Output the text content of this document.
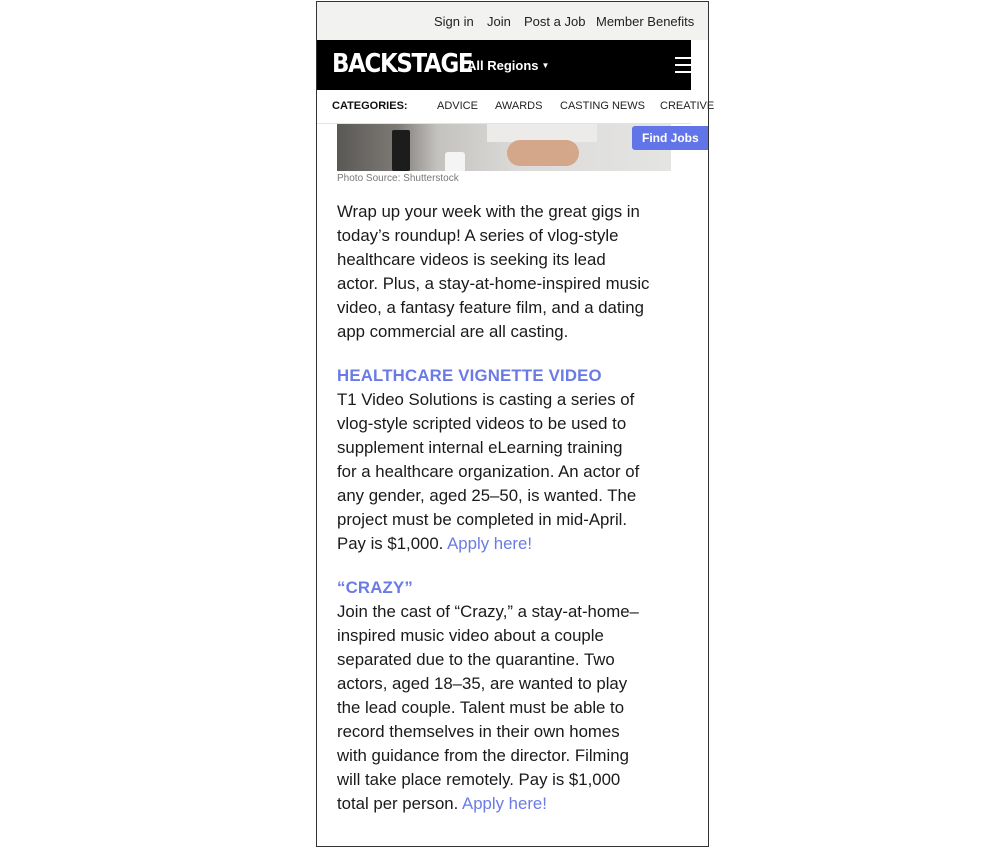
Sign in Join Post a Job Member Benefits
BACKSTAGE
All Regions ▼
CATEGORIES:	ADVICE AWARDS CASTING NEWS CREATIVE
Find Jobs
Photo Source: Shutterstock
Wrap up your week with the great gigs in
today’s roundup! A series of vlog-style
healthcare videos is seeking its lead
actor. Plus, a stay-at-home-inspired music
video, a fantasy feature film, and a dating
app commercial are all casting.
HEALTHCARE VIGNETTE VIDEO
T1 Video Solutions is casting a series of
vlog-style scripted videos to be used to
supplement internal eLearning training
for a healthcare organization. An actor of
any gender, aged 25–50, is wanted. The
project must be completed in mid-April.
Pay is $1,000. Apply here!
“CRAZY”
Join the cast of “Crazy,” a stay-at-home–
inspired music video about a couple
separated due to the quarantine. Two
actors, aged 18–35, are wanted to play
the lead couple. Talent must be able to
record themselves in their own homes
with guidance from the director. Filming
will take place remotely. Pay is $1,000
total per person. Apply here!
